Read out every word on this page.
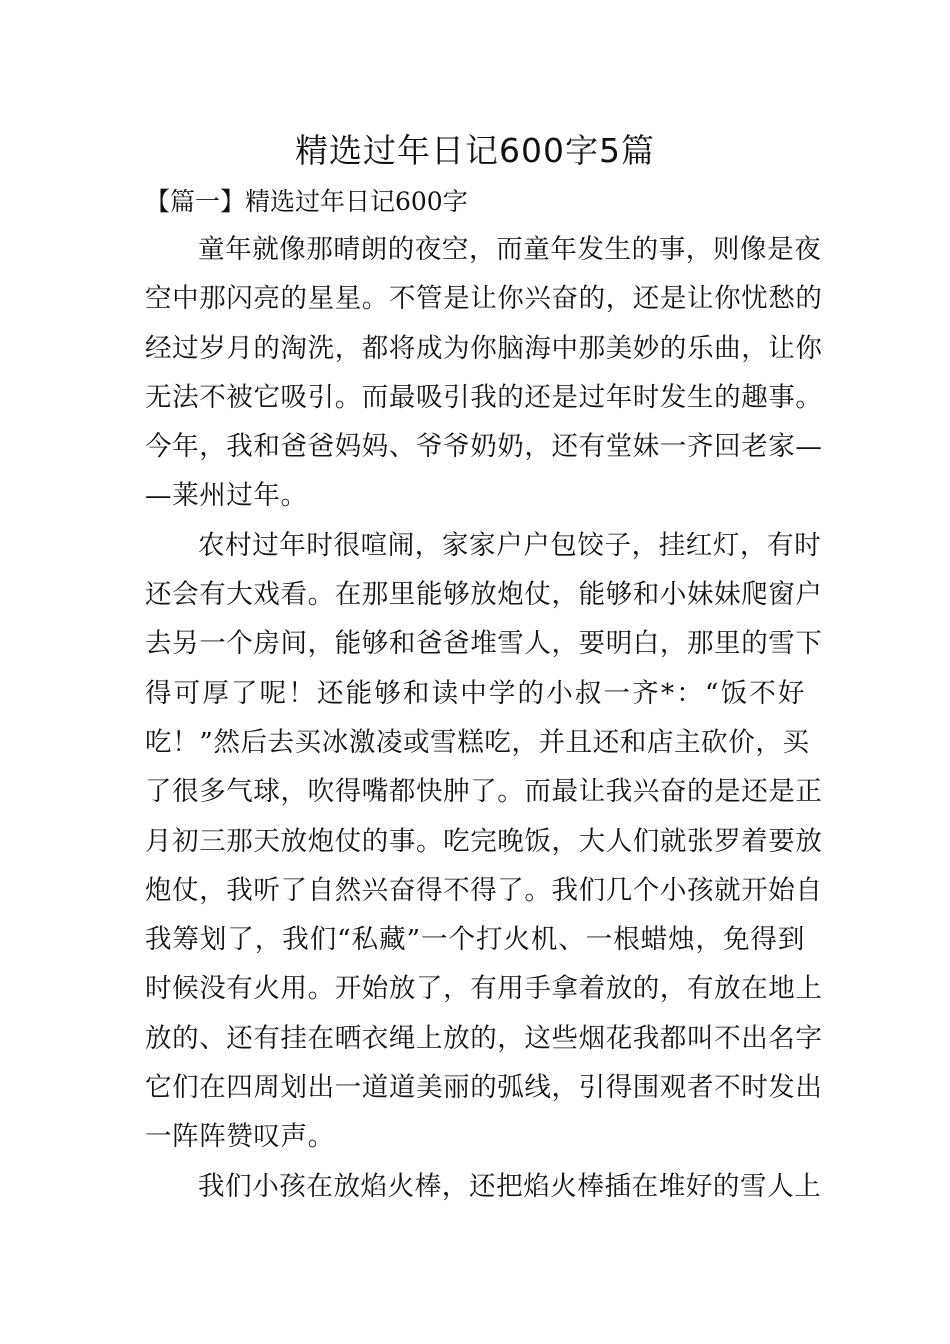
精选过年日记600字5篇
【篇一】精选过年日记600字
童年就像那晴朗的夜空，而童年发生的事，则像是夜
空中那闪亮的星星。不管是让你兴奋的，还是让你忧愁的
经过岁月的淘洗，都将成为你脑海中那美妙的乐曲，让你
无法不被它吸引。而最吸引我的还是过年时发生的趣事。
今年，我和爸爸妈妈、爷爷奶奶，还有堂妹一齐回老家—
—莱州过年。
农村过年时很喧闹，家家户户包饺子，挂红灯，有时
还会有大戏看。在那里能够放炮仗，能够和小妹妹爬窗户
去另一个房间，能够和爸爸堆雪人，要明白，那里的雪下
得可厚了呢！还能够和读中学的小叔一齐*：“饭不好
吃！”然后去买冰激凌或雪糕吃，并且还和店主砍价，买
了很多气球，吹得嘴都快肿了。而最让我兴奋的是还是正
月初三那天放炮仗的事。吃完晚饭，大人们就张罗着要放
炮仗，我听了自然兴奋得不得了。我们几个小孩就开始自
我筹划了，我们“私藏”一个打火机、一根蜡烛，免得到
时候没有火用。开始放了，有用手拿着放的，有放在地上
放的、还有挂在晒衣绳上放的，这些烟花我都叫不出名字
它们在四周划出一道道美丽的弧线，引得围观者不时发出
一阵阵赞叹声。
我们小孩在放焰火棒，还把焰火棒插在堆好的雪人上
